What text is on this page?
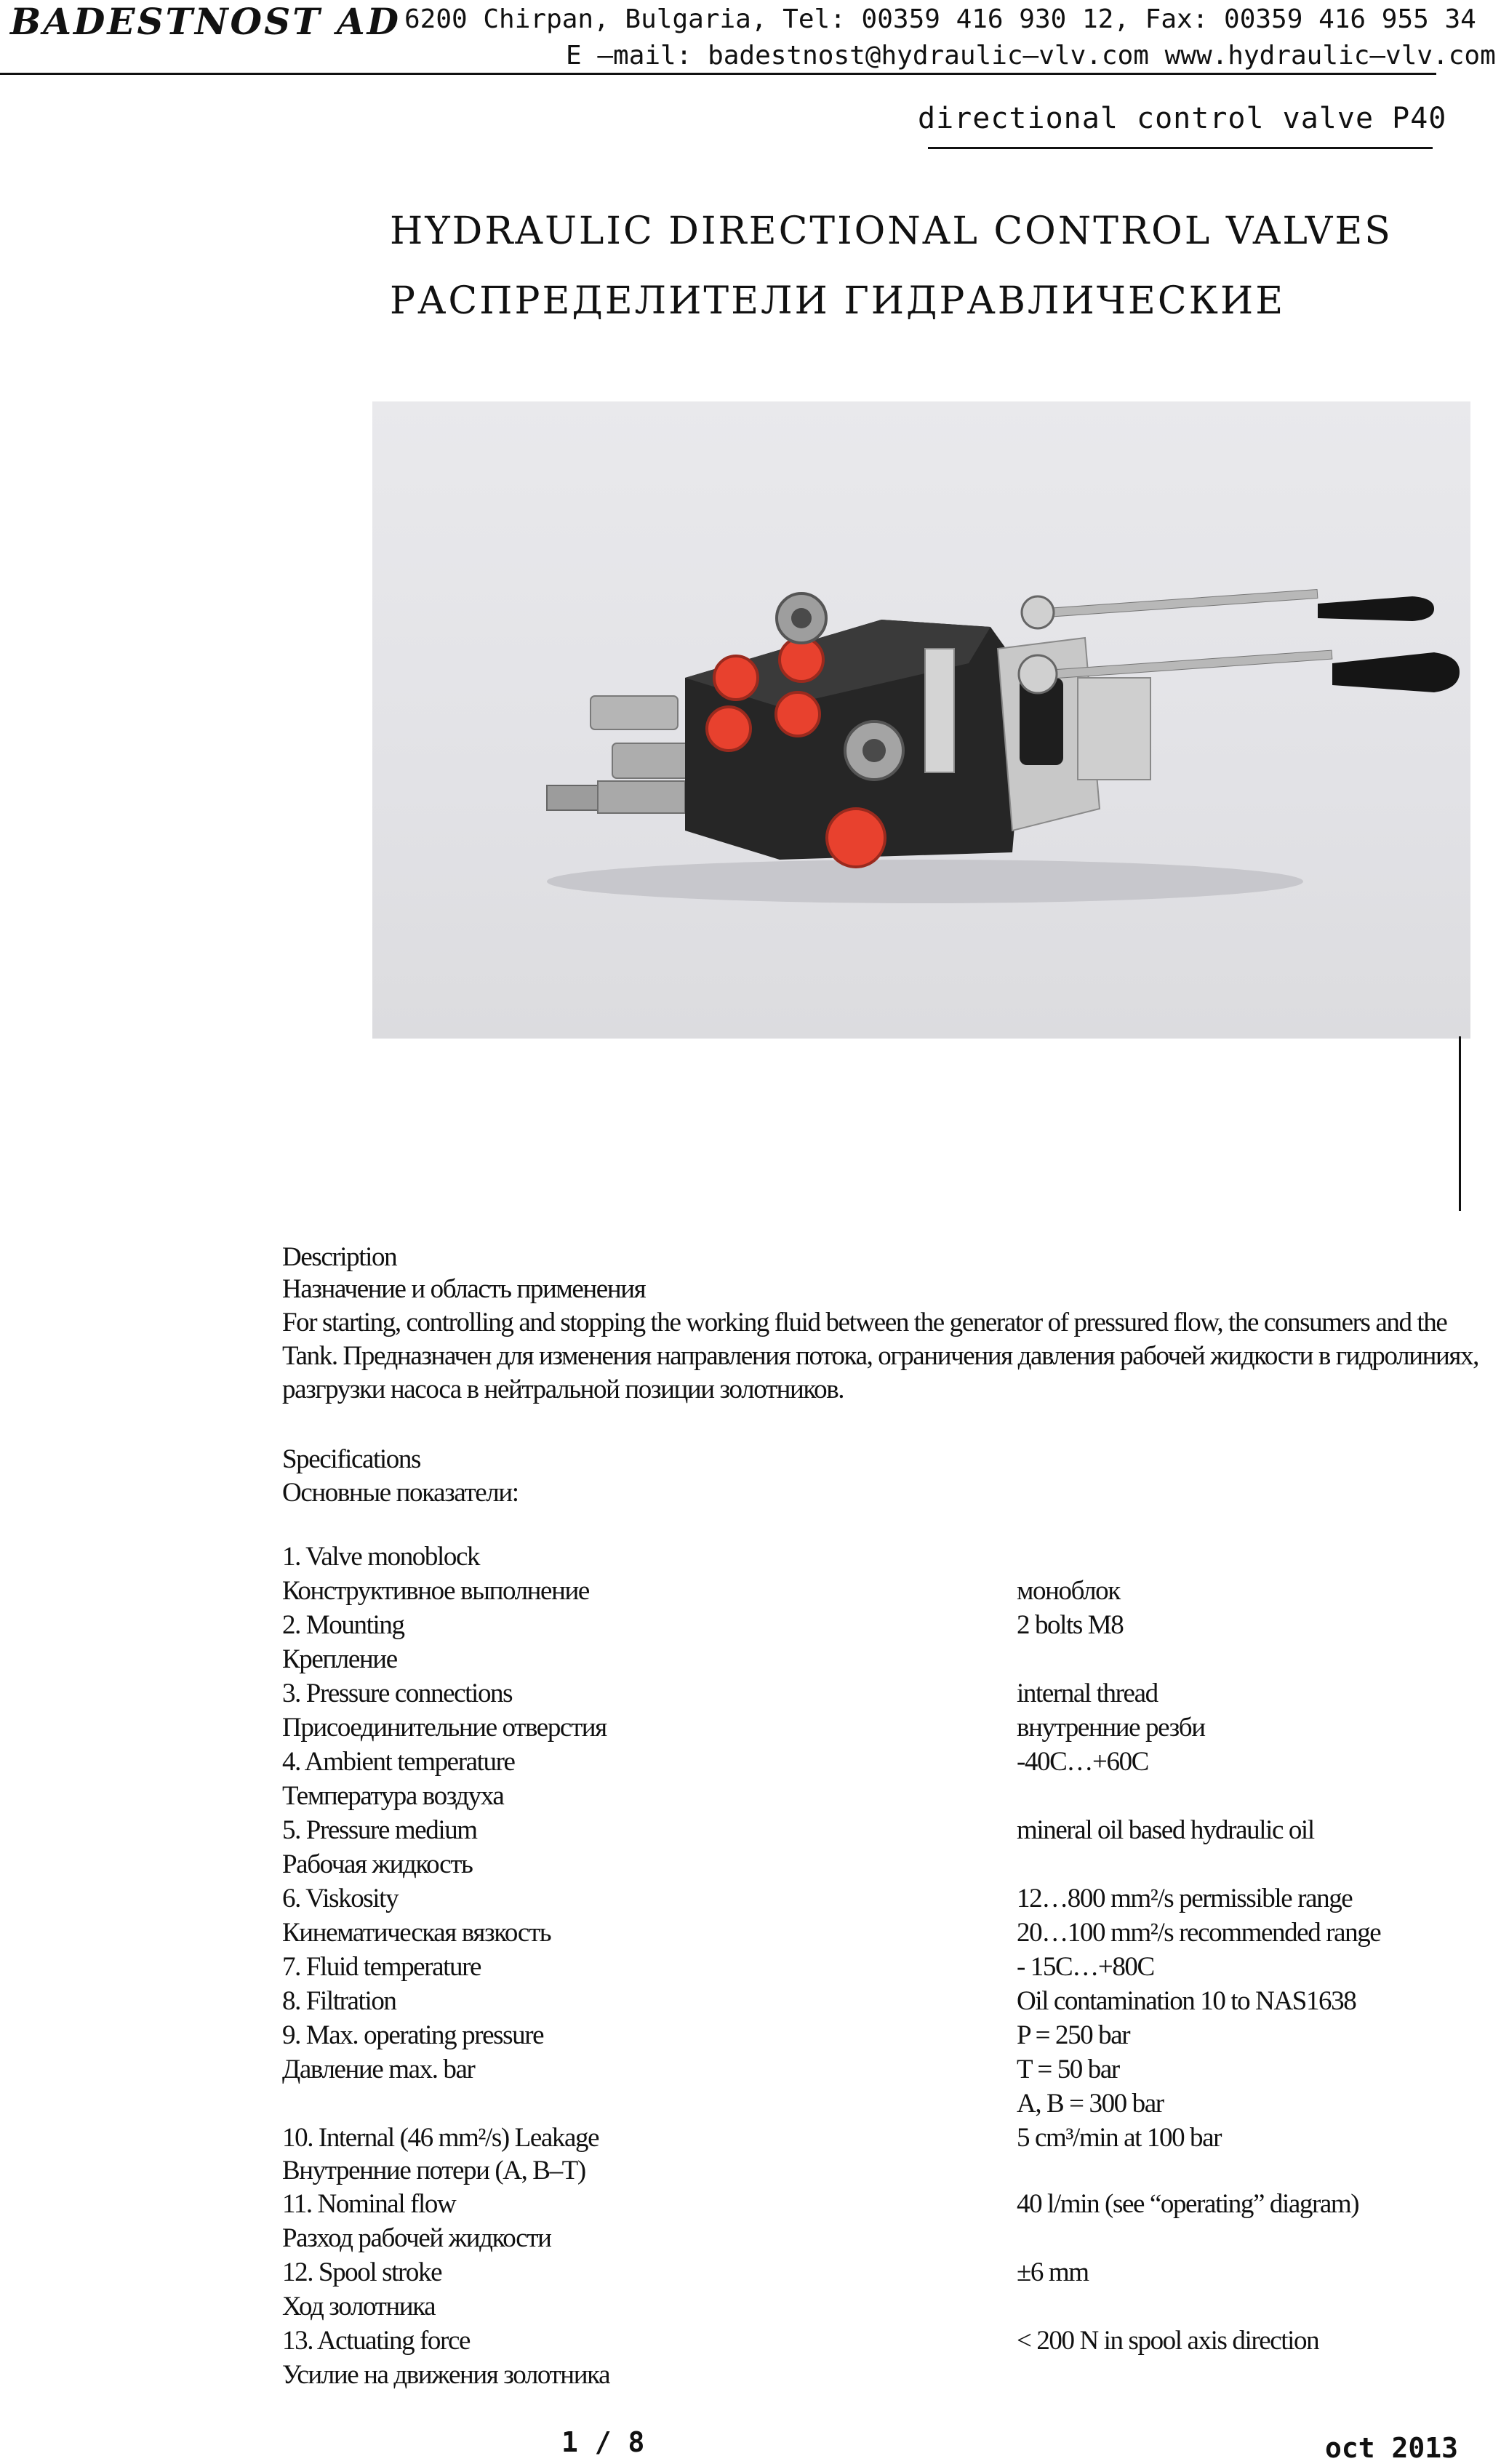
BADESTNOST AD 6200 Chirpan, Bulgaria, Tel: 00359 416 930 12, Fax: 00359 416 955 34
E —mail: badestnost@hydraulic—vlv.com www.hydraulic—vlv.com
directional control valve P40
HYDRAULIC DIRECTIONAL CONTROL VALVES
РАСПРЕДЕЛИТЕЛИ ГИДРАВЛИЧЕСКИЕ
Description
Назначение и область применения
For starting, controlling and stopping the working fluid between the generator of pressured flow, the consumers and the Tank. Предназначен для изменения направления потока, ограничения давления рабочей жидкости в гидролиниях, разгрузки насоса в нейтральной позиции золотников.
Specifications
Основные показатели:
1. Valve monoblock
Конструктивное выполнение
2. Mounting
Крепление
3. Pressure connections
Присоединительние отверстия
4. Ambient temperature
Температура воздуха
5. Pressure medium
Рабочая жидкость
6. Viskosity
Кинематическая вязкость
7. Fluid temperature
8. Filtration
9. Max. operating pressure
Давление max. bar
10. Internal (46 mm²/s) Leakage
Внутренние потери (A, B–T)
11. Nominal flow
Разход рабочей жидкости
12. Spool stroke
Ход золотника
13. Actuating force
Усилие на движения золотника
моноблок
2 bolts M8
internal thread
внутренние резби
-40C…+60C
mineral oil based hydraulic oil
12…800 mm²/s permissible range
20…100 mm²/s recommended range
- 15C…+80C
Oil contamination 10 to NAS1638
P = 250 bar
T = 50 bar
A, B = 300 bar
5 cm³/min at 100 bar
40 l/min (see “operating” diagram)
±6 mm
< 200 N in spool axis direction
1 / 8	oct 2013
